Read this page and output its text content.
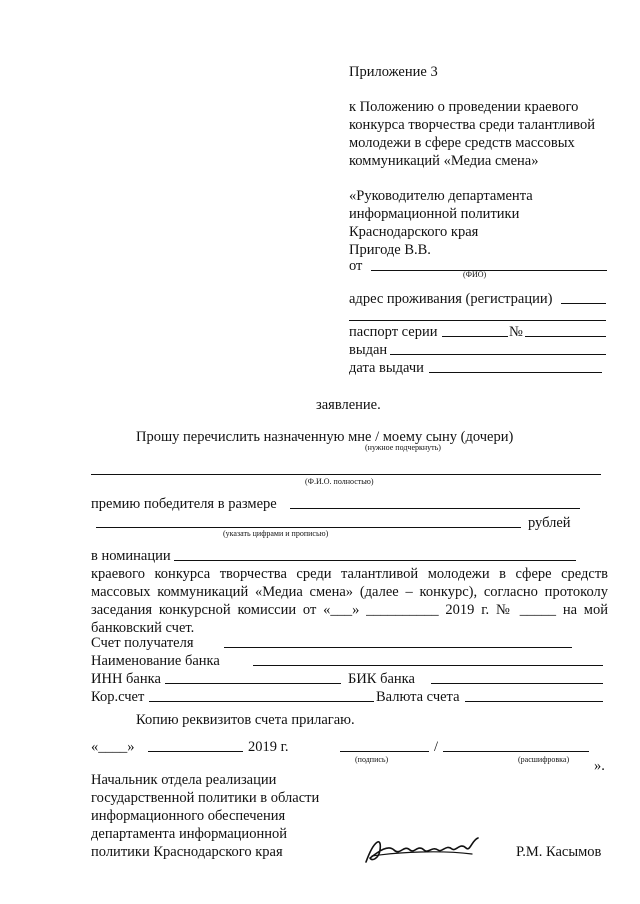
Приложение 3
к Положению о проведении краевого
конкурса творчества среди талантливой
молодежи в сфере средств массовых
коммуникаций «Медиа смена»
«Руководителю департамента
информационной политики
Краснодарского края
Пригоде В.В.
от
(ФИО)
адрес проживания (регистрации)
паспорт серии	№
выдан
дата выдачи
заявление.
Прошу перечислить назначенную мне / моему сыну (дочери)
(нужное подчеркнуть)
(Ф.И.О. полностью)
премию победителя в размере
рублей
(указать цифрами и прописью)
в номинации
краевого конкурса творчества среди талантливой молодежи в сфере средств
массовых коммуникаций «Медиа смена» (далее – конкурс), согласно протоколу
заседания конкурсной комиссии от «___» __________ 2019 г. № _____ на мой
банковский счет.
Счет получателя
Наименование банка
ИНН банка	БИК банка
Кор.счет	Валюта счета
Копию реквизитов счета прилагаю.
«____»	2019 г.	/
(подпись)	(расшифровка) ».
Начальник отдела реализации
государственной политики в области
информационного обеспечения
департамента информационной
политики Краснодарского края	Р.М. Касымов
